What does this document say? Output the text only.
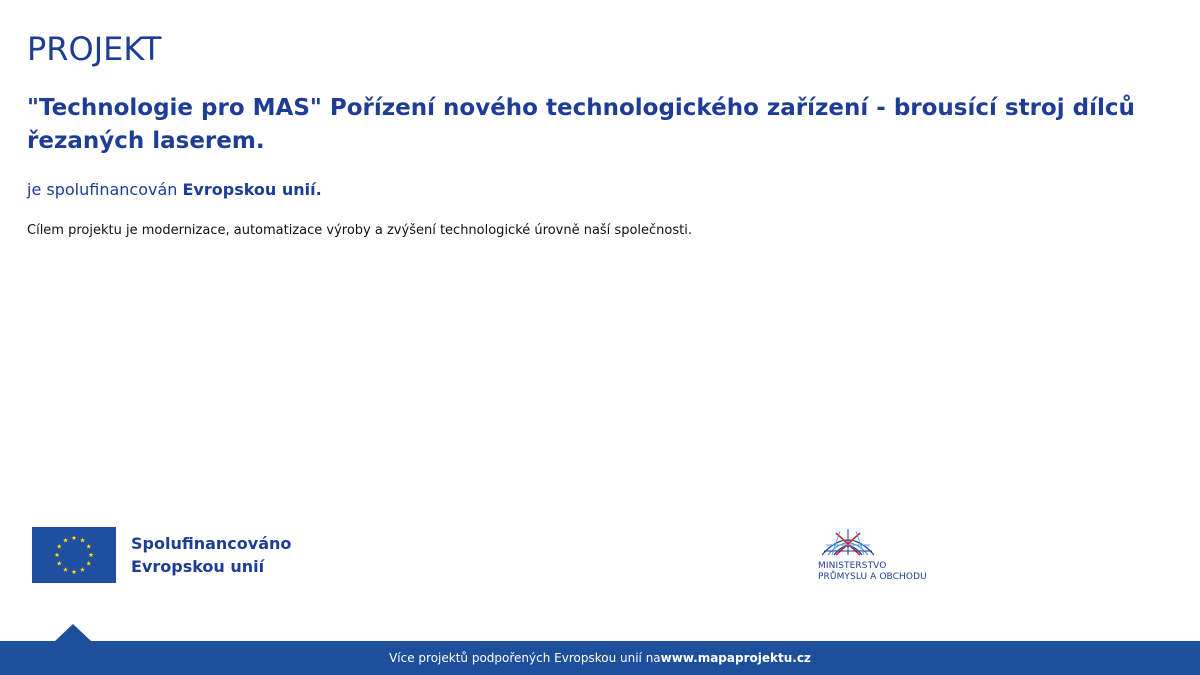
PROJEKT
"Technologie pro MAS" Pořízení nového technologického zařízení - brousící stroj dílců řezaných laserem.

je spolufinancován Evropskou unií.

Cílem projektu je modernizace, automatizace výroby a zvýšení technologické úrovně naší společnosti.

Spolufinancováno
Evropskou unií	MINISTERSTVO
PRŮMYSLU A OBCHODU
Více projektů podpořených Evropskou unií na www.mapaprojektu.cz
